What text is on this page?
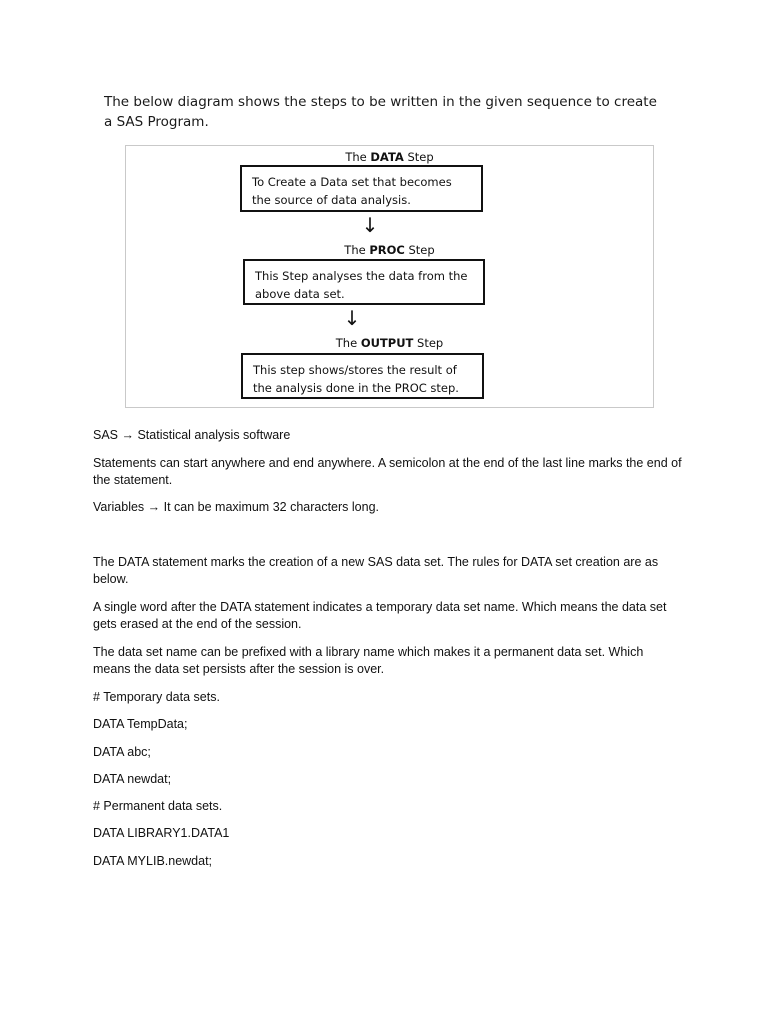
The below diagram shows the steps to be written in the given sequence to create a SAS Program.
The DATA Step
To Create a Data set that becomes the source of data analysis.
↓
The PROC Step
This Step analyses the data from the above data set.
↓
The OUTPUT Step
This step shows/stores the result of the analysis done in the PROC step.
SAS → Statistical analysis software
Statements can start anywhere and end anywhere. A semicolon at the end of the last line marks the end of the statement.
Variables → It can be maximum 32 characters long.
The DATA statement marks the creation of a new SAS data set. The rules for DATA set creation are as below.
A single word after the DATA statement indicates a temporary data set name. Which means the data set gets erased at the end of the session.
The data set name can be prefixed with a library name which makes it a permanent data set. Which means the data set persists after the session is over.
# Temporary data sets.
DATA TempData;
DATA abc;
DATA newdat;
# Permanent data sets.
DATA LIBRARY1.DATA1
DATA MYLIB.newdat;
